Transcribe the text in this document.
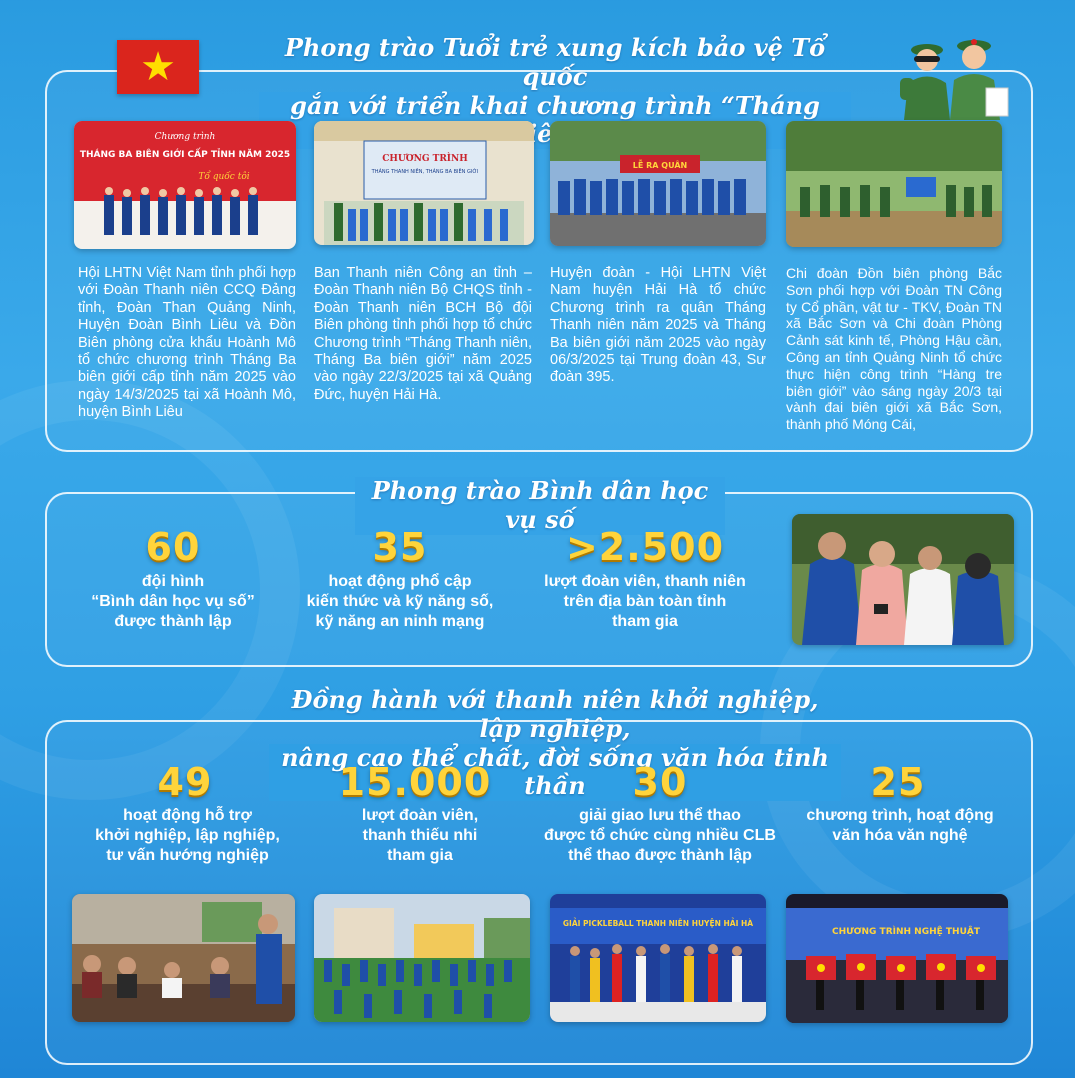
★	Phong trào Tuổi trẻ xung kích bảo vệ Tổ quốc
gắn với triển khai chương trình “Tháng biên
Chương trình
THÁNG BA BIÊN GIỚI CẤP TỈNH NĂM 2025
Tổ quốc tôi
CHƯƠNG TRÌNH
THÁNG THANH NIÊN, THÁNG BA BIÊN GIỚI
LỄ RA QUÂN
Hội LHTN Việt Nam tỉnh phối hợp với Đoàn Thanh niên CCQ Đảng tỉnh, Đoàn Than Quảng Ninh, Huyện Đoàn Bình Liêu và Đồn Biên phòng cửa khẩu Hoành Mô tổ chức chương trình Tháng Ba biên giới cấp tỉnh năm 2025 vào ngày 14/3/2025 tại xã Hoành Mô, huyện Bình Liêu
Ban Thanh niên Công an tỉnh – Đoàn Thanh niên Bộ CHQS tỉnh - Đoàn Thanh niên BCH Bộ đội Biên phòng tỉnh phối hợp tổ chức Chương trình “Tháng Thanh niên, Tháng Ba biên giới” năm 2025 vào ngày 22/3/2025 tại xã Quảng Đức, huyện Hải Hà.
Huyện đoàn - Hội LHTN Việt Nam huyện Hải Hà tổ chức Chương trình ra quân Tháng Thanh niên năm 2025 và Tháng Ba biên giới năm 2025 vào ngày 06/3/2025 tại Trung đoàn 43, Sư đoàn 395.
Chi đoàn Đồn biên phòng Bắc Sơn phối hợp với Đoàn TN Công ty Cổ phần, vật tư - TKV, Đoàn TN xã Bắc Sơn và Chi đoàn Phòng Cảnh sát kinh tế, Phòng Hậu cần, Công an tỉnh Quảng Ninh tổ chức thực hiện công trình “Hàng tre biên giới” vào sáng ngày 20/3 tại vành đai biên giới xã Bắc Sơn, thành phố Móng Cái,
Phong trào Bình dân học vụ số
60
đội hình
“Bình dân học vụ số”
được thành lập
35
hoạt động phổ cập
kiến thức và kỹ năng số,
kỹ năng an ninh mạng
>2.500
lượt đoàn viên, thanh niên
trên địa bàn toàn tỉnh
tham gia
Đồng hành với thanh niên khởi nghiệp, lập nghiệp,
nâng cao thể chất, đời sống văn hóa tinh thần
49
hoạt động hỗ trợ
khởi nghiệp, lập nghiệp,
tư vấn hướng nghiệp
15.000
lượt đoàn viên,
thanh thiếu nhi
tham gia
30
giải giao lưu thể thao
được tổ chức cùng nhiều CLB
thể thao được thành lập
25
chương trình, hoạt động
văn hóa văn nghệ
GIẢI PICKLEBALL THANH NIÊN HUYỆN HẢI HÀ
CHƯƠNG TRÌNH NGHỆ THUẬT
